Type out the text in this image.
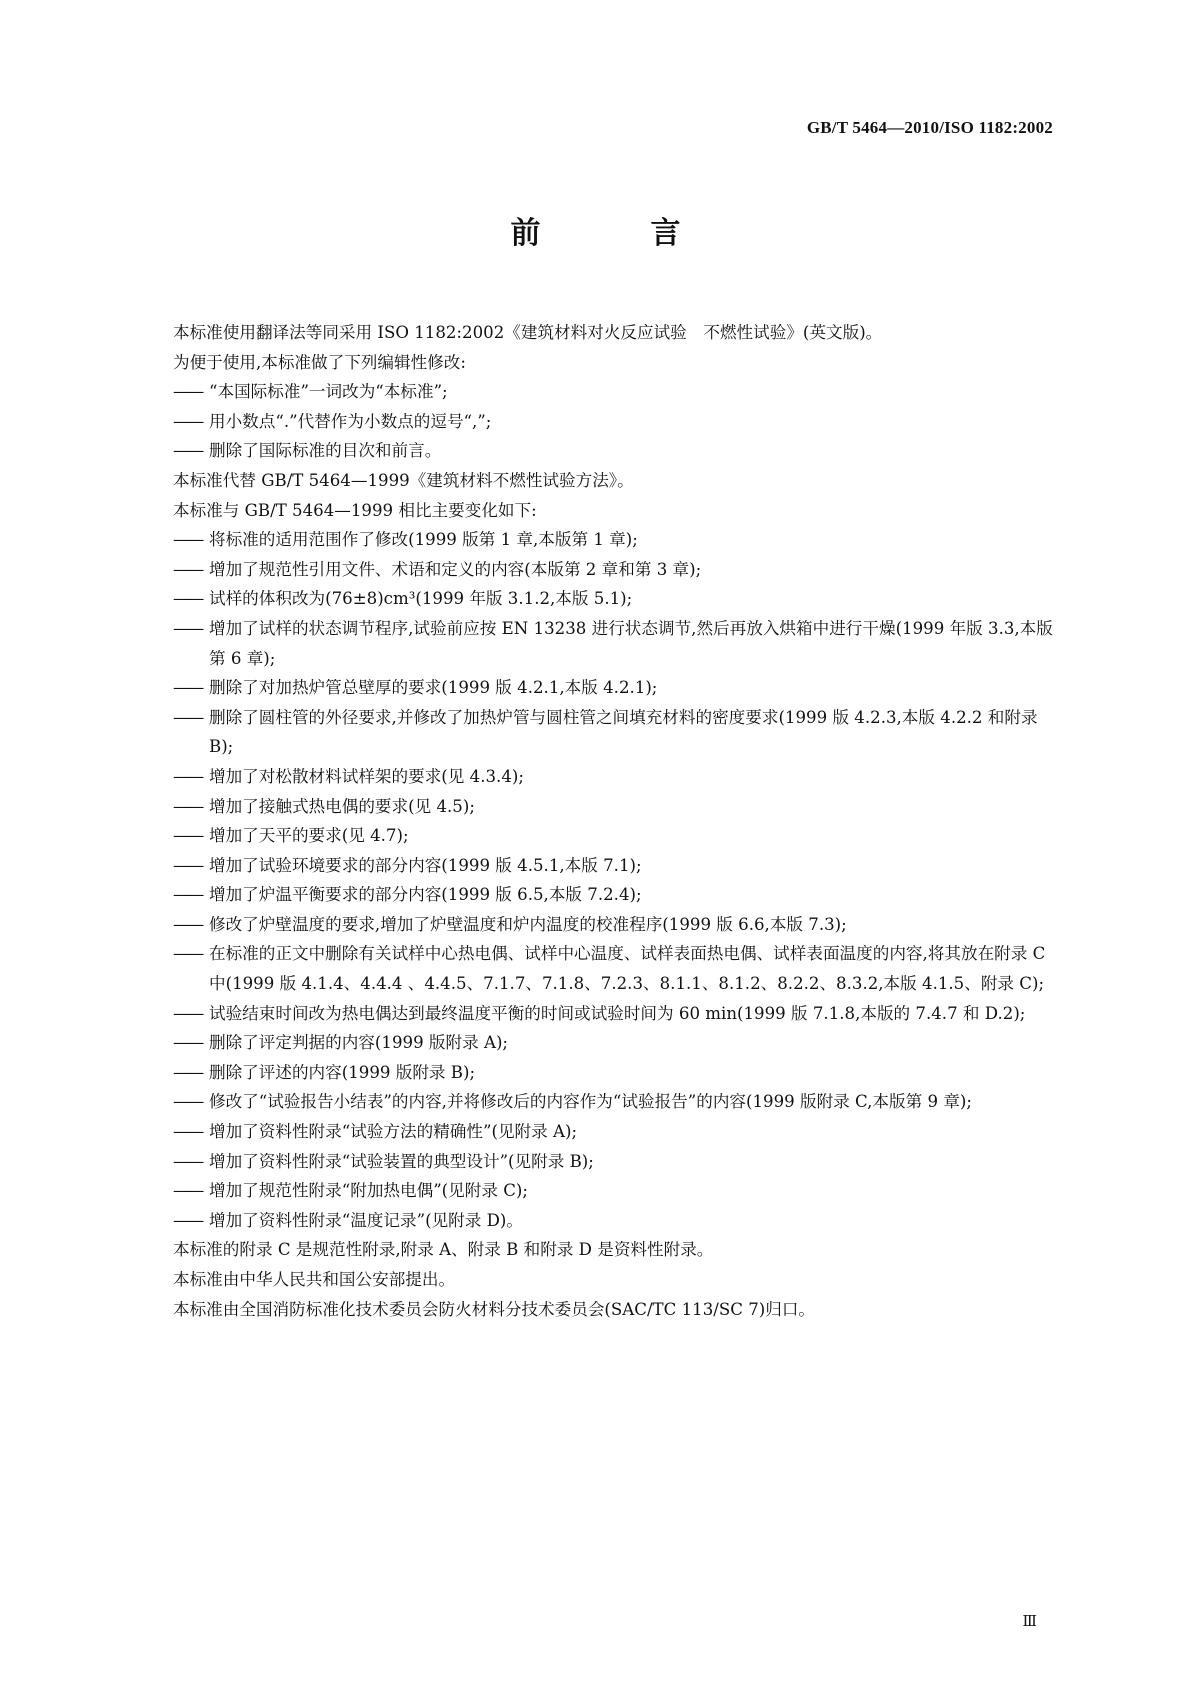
GB/T 5464—2010/ISO 1182:2002
前　言

本标准使用翻译法等同采用 ISO 1182:2002《建筑材料对火反应试验　不燃性试验》(英文版)。

为便于使用,本标准做了下列编辑性修改:

—— “本国际标准”一词改为“本标准”;

—— 用小数点“.”代替作为小数点的逗号“,”;

—— 删除了国际标准的目次和前言。

本标准代替 GB/T 5464—1999《建筑材料不燃性试验方法》。

本标准与 GB/T 5464—1999 相比主要变化如下:

—— 将标准的适用范围作了修改(1999 版第 1 章,本版第 1 章);

—— 增加了规范性引用文件、术语和定义的内容(本版第 2 章和第 3 章);

—— 试样的体积改为(76±8)cm³(1999 年版 3.1.2,本版 5.1);

—— 增加了试样的状态调节程序,试验前应按 EN 13238 进行状态调节,然后再放入烘箱中进行干燥(1999 年版 3.3,本版第 6 章);

—— 删除了对加热炉管总壁厚的要求(1999 版 4.2.1,本版 4.2.1);

—— 删除了圆柱管的外径要求,并修改了加热炉管与圆柱管之间填充材料的密度要求(1999 版 4.2.3,本版 4.2.2 和附录 B);

—— 增加了对松散材料试样架的要求(见 4.3.4);

—— 增加了接触式热电偶的要求(见 4.5);

—— 增加了天平的要求(见 4.7);

—— 增加了试验环境要求的部分内容(1999 版 4.5.1,本版 7.1);

—— 增加了炉温平衡要求的部分内容(1999 版 6.5,本版 7.2.4);

—— 修改了炉壁温度的要求,增加了炉壁温度和炉内温度的校准程序(1999 版 6.6,本版 7.3);

—— 在标准的正文中删除有关试样中心热电偶、试样中心温度、试样表面热电偶、试样表面温度的内容,将其放在附录 C 中(1999 版 4.1.4、4.4.4 、4.4.5、7.1.7、7.1.8、7.2.3、8.1.1、8.1.2、8.2.2、8.3.2,本版 4.1.5、附录 C);

—— 试验结束时间改为热电偶达到最终温度平衡的时间或试验时间为 60 min(1999 版 7.1.8,本版的 7.4.7 和 D.2);

—— 删除了评定判据的内容(1999 版附录 A);

—— 删除了评述的内容(1999 版附录 B);

—— 修改了“试验报告小结表”的内容,并将修改后的内容作为“试验报告”的内容(1999 版附录 C,本版第 9 章);

—— 增加了资料性附录“试验方法的精确性”(见附录 A);

—— 增加了资料性附录“试验装置的典型设计”(见附录 B);

—— 增加了规范性附录“附加热电偶”(见附录 C);

—— 增加了资料性附录“温度记录”(见附录 D)。

本标准的附录 C 是规范性附录,附录 A、附录 B 和附录 D 是资料性附录。

本标准由中华人民共和国公安部提出。

本标准由全国消防标准化技术委员会防火材料分技术委员会(SAC/TC 113/SC 7)归口。

Ⅲ
